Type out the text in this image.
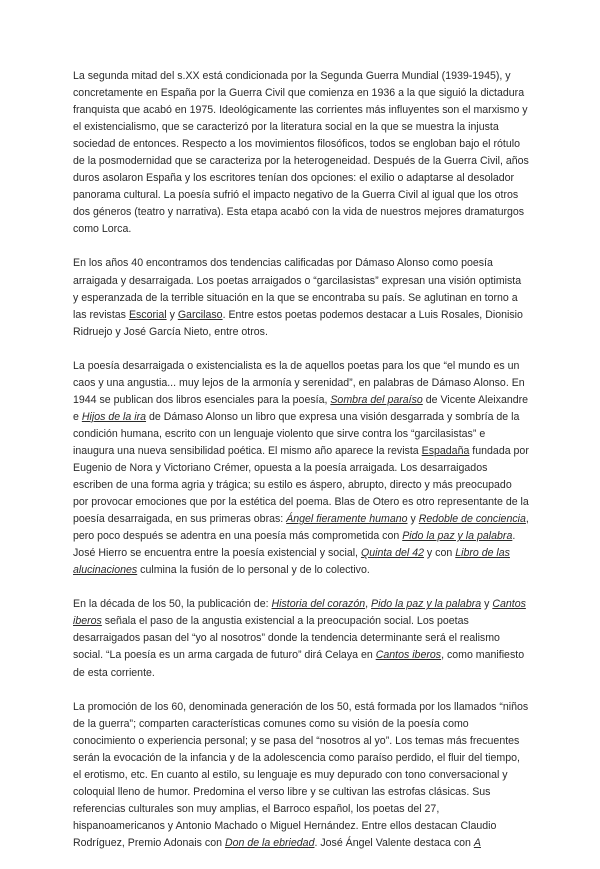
La segunda mitad del s.XX está condicionada por la Segunda Guerra Mundial (1939-1945), y concretamente en España por la Guerra Civil que comienza en 1936 a la que siguió la dictadura franquista que acabó en 1975. Ideológicamente las corrientes más influyentes son el marxismo y el existencialismo, que se caracterizó por la literatura social en la que se muestra la injusta sociedad de entonces. Respecto a los movimientos filosóficos, todos se engloban bajo el rótulo de la posmodernidad que se caracteriza por la heterogeneidad. Después de la Guerra Civil, años duros asolaron España y los escritores tenían dos opciones: el exilio o adaptarse al desolador panorama cultural. La poesía sufrió el impacto negativo de la Guerra Civil al igual que los otros dos géneros (teatro y narrativa). Esta etapa acabó con la vida de nuestros mejores dramaturgos como Lorca.

En los años 40 encontramos dos tendencias calificadas por Dámaso Alonso como poesía arraigada y desarraigada. Los poetas arraigados o “garcilasistas” expresan una visión optimista y esperanzada de la terrible situación en la que se encontraba su país. Se aglutinan en torno a las revistas Escorial y Garcilaso. Entre estos poetas podemos destacar a Luis Rosales, Dionisio Ridruejo y José García Nieto, entre otros.

La poesía desarraigada o existencialista es la de aquellos poetas para los que “el mundo es un caos y una angustia... muy lejos de la armonía y serenidad”, en palabras de Dámaso Alonso. En 1944 se publican dos libros esenciales para la poesía, Sombra del paraíso de Vicente Aleixandre e Hijos de la ira de Dámaso Alonso un libro que expresa una visión desgarrada y sombría de la condición humana, escrito con un lenguaje violento que sirve contra los “garcilasistas” e inaugura una nueva sensibilidad poética. El mismo año aparece la revista Espadaña fundada por Eugenio de Nora y Victoriano Crémer, opuesta a la poesía arraigada. Los desarraigados escriben de una forma agria y trágica; su estilo es áspero, abrupto, directo y más preocupado por provocar emociones que por la estética del poema. Blas de Otero es otro representante de la poesía desarraigada, en sus primeras obras: Ángel fieramente humano y Redoble de conciencia, pero poco después se adentra en una poesía más comprometida con Pido la paz y la palabra. José Hierro se encuentra entre la poesía existencial y social, Quinta del 42 y con Libro de las alucinaciones culmina la fusión de lo personal y de lo colectivo.

En la década de los 50, la publicación de: Historia del corazón, Pido la paz y la palabra y Cantos iberos señala el paso de la angustia existencial a la preocupación social. Los poetas desarraigados pasan del “yo al nosotros” donde la tendencia determinante será el realismo social. “La poesía es un arma cargada de futuro” dirá Celaya en Cantos iberos, como manifiesto de esta corriente.

La promoción de los 60, denominada generación de los 50, está formada por los llamados “niños de la guerra”; comparten características comunes como su visión de la poesía como conocimiento o experiencia personal; y se pasa del “nosotros al yo”. Los temas más frecuentes serán la evocación de la infancia y de la adolescencia como paraíso perdido, el fluir del tiempo, el erotismo, etc. En cuanto al estilo, su lenguaje es muy depurado con tono conversacional y coloquial lleno de humor. Predomina el verso libre y se cultivan las estrofas clásicas. Sus referencias culturales son muy amplias, el Barroco español, los poetas del 27, hispanoamericanos y Antonio Machado o Miguel Hernández. Entre ellos destacan Claudio Rodríguez, Premio Adonais con Don de la ebriedad. José Ángel Valente destaca con A
